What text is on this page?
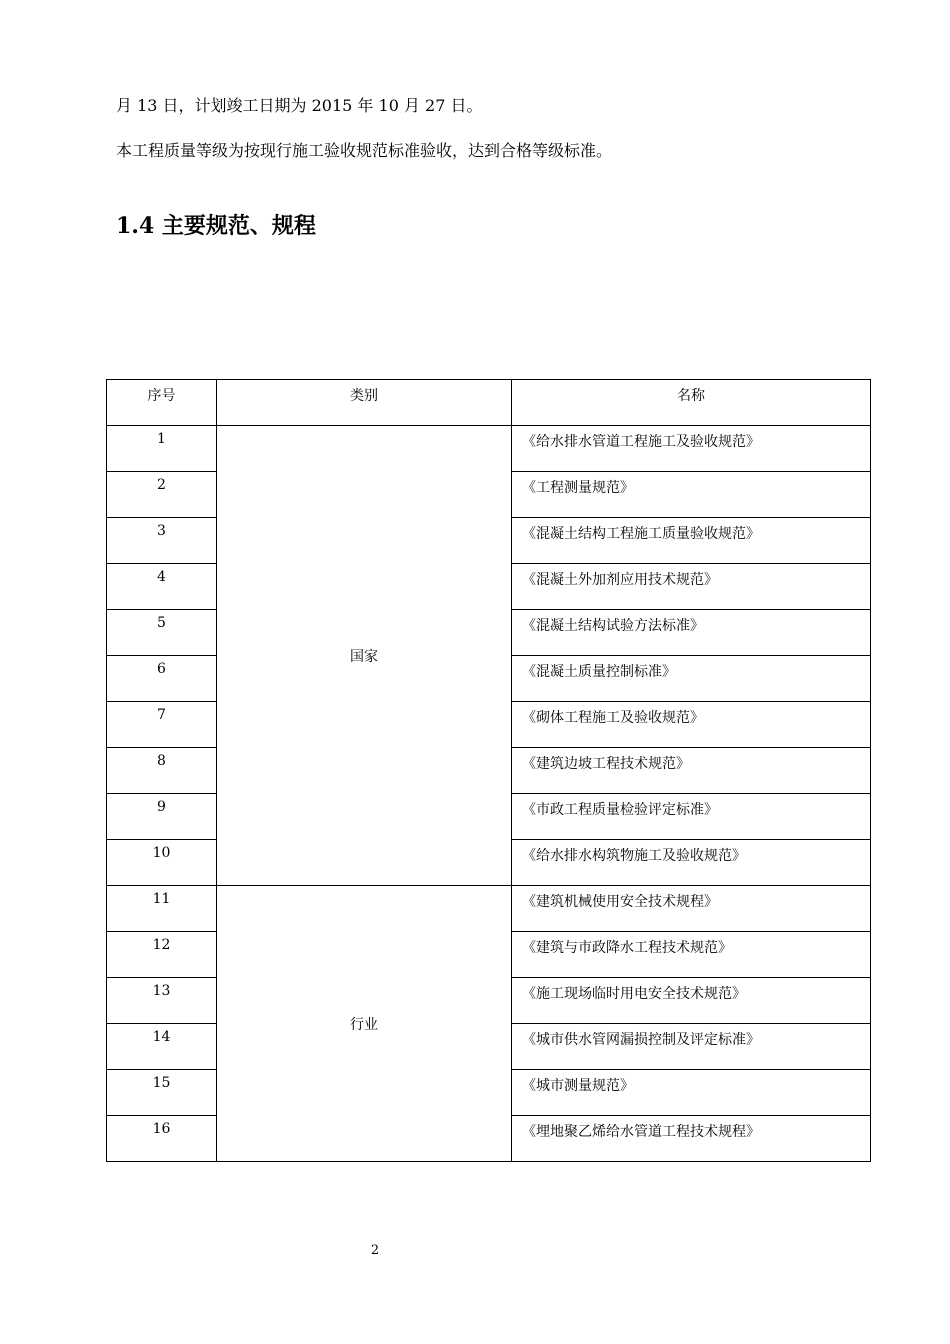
月 13 日，计划竣工日期为 2015 年 10 月 27 日。
本工程质量等级为按现行施工验收规范标准验收，达到合格等级标准。
1.4 主要规范、规程
序号	类别	名称
1	国家	《给水排水管道工程施工及验收规范》
2		《工程测量规范》
3		《混凝土结构工程施工质量验收规范》
4		《混凝土外加剂应用技术规范》
5		《混凝土结构试验方法标准》
6		《混凝土质量控制标准》
7		《砌体工程施工及验收规范》
8		《建筑边坡工程技术规范》
9		《市政工程质量检验评定标准》
10		《给水排水构筑物施工及验收规范》
11	行业	《建筑机械使用安全技术规程》
12		《建筑与市政降水工程技术规范》
13		《施工现场临时用电安全技术规范》
14		《城市供水管网漏损控制及评定标准》
15		《城市测量规范》
16		《埋地聚乙烯给水管道工程技术规程》
2
